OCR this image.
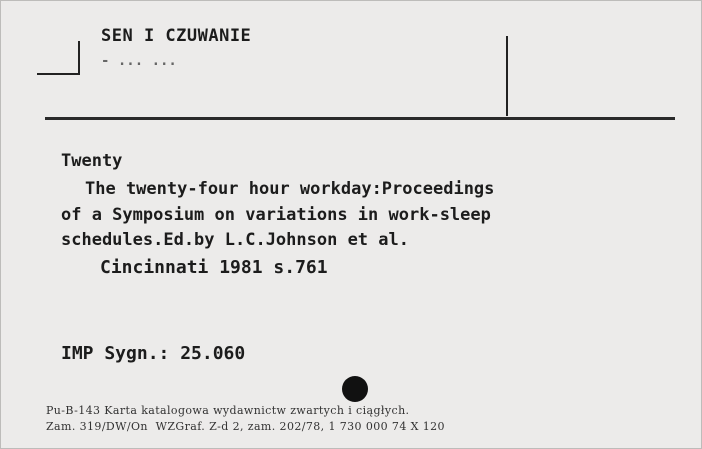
SEN I CZUWANIE
- ... ...
Twenty
The twenty-four hour workday:Proceedings
of a Symposium on variations in work-sleep
schedules.Ed.by L.C.Johnson et al.
Cincinnati 1981 s.761
IMP Sygn.: 25.060
Pu-B-143 Karta katalogowa wydawnictw zwartych i ciągłych.
Zam. 319/DW/On  WZGraf. Z-d 2, zam. 202/78, 1 730 000 74 X 120
